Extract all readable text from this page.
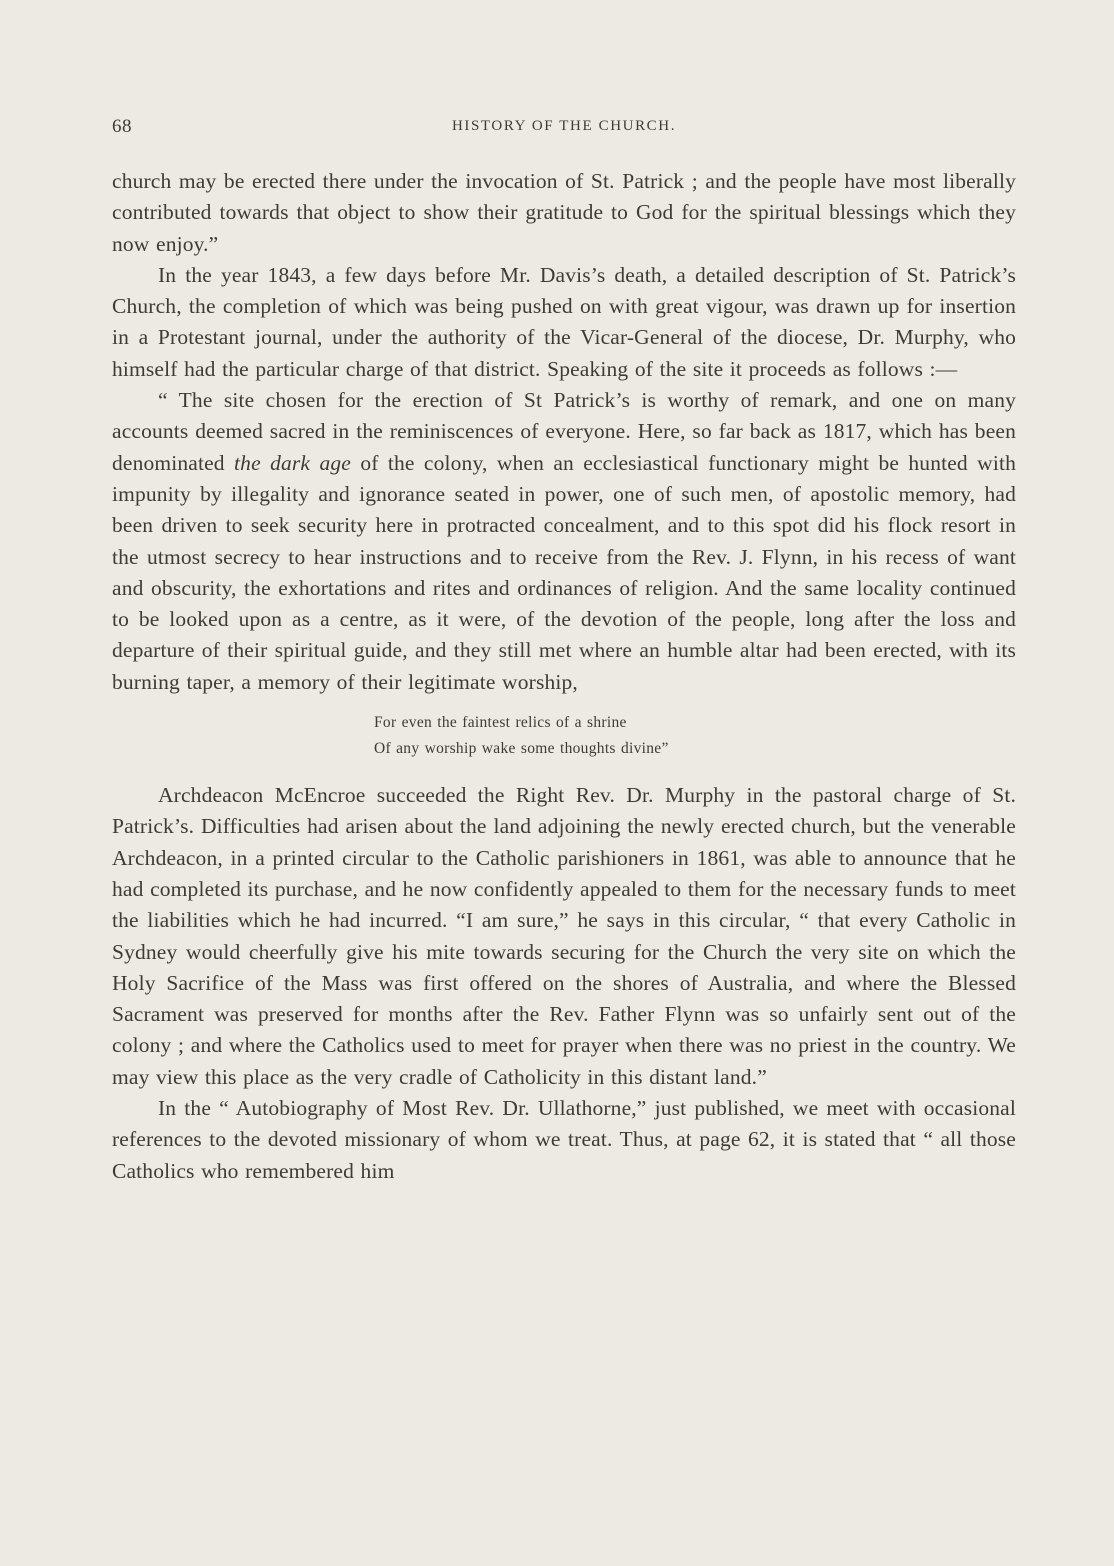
68	HISTORY OF THE CHURCH.

church may be erected there under the invocation of St. Patrick ; and the people have most liberally contributed towards that object to show their gratitude to God for the spiritual blessings which they now enjoy.”

In the year 1843, a few days before Mr. Davis’s death, a detailed description of St. Patrick’s Church, the completion of which was being pushed on with great vigour, was drawn up for insertion in a Protestant journal, under the authority of the Vicar-General of the diocese, Dr. Murphy, who himself had the particular charge of that district. Speaking of the site it proceeds as follows :—

“ The site chosen for the erection of St Patrick’s is worthy of remark, and one on many accounts deemed sacred in the reminiscences of everyone. Here, so far back as 1817, which has been denominated the dark age of the colony, when an ecclesiastical functionary might be hunted with impunity by illegality and ignorance seated in power, one of such men, of apostolic memory, had been driven to seek security here in protracted concealment, and to this spot did his flock resort in the utmost secrecy to hear instructions and to receive from the Rev. J. Flynn, in his recess of want and obscurity, the exhortations and rites and ordinances of religion. And the same locality continued to be looked upon as a centre, as it were, of the devotion of the people, long after the loss and departure of their spiritual guide, and they still met where an humble altar had been erected, with its burning taper, a memory of their legitimate worship,

For even the faintest relics of a shrine
Of any worship wake some thoughts divine”

Archdeacon McEncroe succeeded the Right Rev. Dr. Murphy in the pastoral charge of St. Patrick’s. Difficulties had arisen about the land adjoining the newly erected church, but the venerable Archdeacon, in a printed circular to the Catholic parishioners in 1861, was able to announce that he had completed its purchase, and he now confidently appealed to them for the necessary funds to meet the liabilities which he had incurred. “I am sure,” he says in this circular, “ that every Catholic in Sydney would cheerfully give his mite towards securing for the Church the very site on which the Holy Sacrifice of the Mass was first offered on the shores of Australia, and where the Blessed Sacrament was preserved for months after the Rev. Father Flynn was so unfairly sent out of the colony ; and where the Catholics used to meet for prayer when there was no priest in the country. We may view this place as the very cradle of Catholicity in this distant land.”

In the “ Autobiography of Most Rev. Dr. Ullathorne,” just published, we meet with occasional references to the devoted missionary of whom we treat. Thus, at page 62, it is stated that “ all those Catholics who remembered him
